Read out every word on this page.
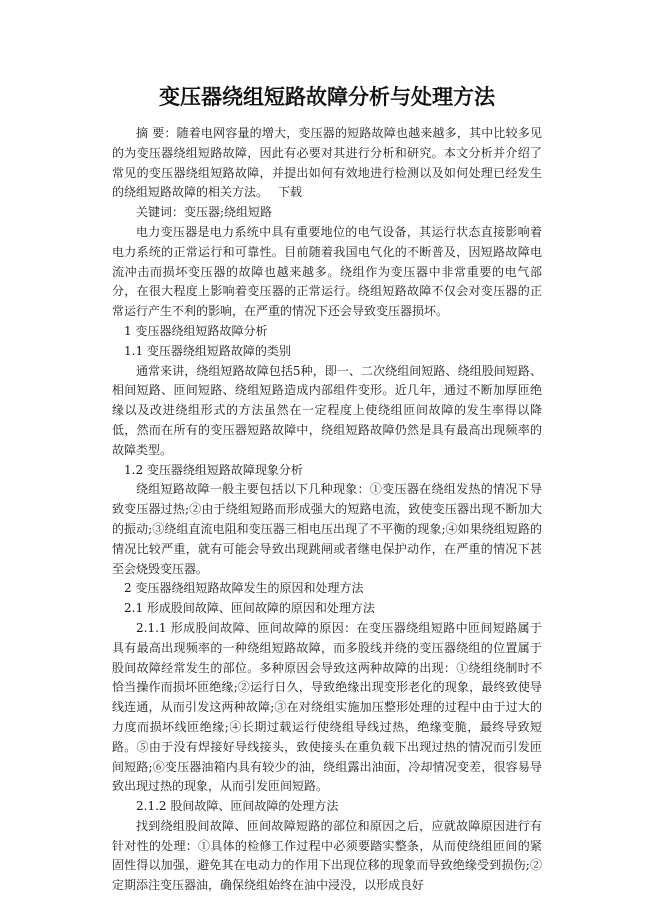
变压器绕组短路故障分析与处理方法

摘 要：随着电网容量的增大，变压器的短路故障也越来越多，其中比较多见的为变压器绕组短路故障，因此有必要对其进行分析和研究。本文分析并介绍了常见的变压器绕组短路故障，并提出如何有效地进行检测以及如何处理已经发生的绕组短路故障的相关方法。 下载

关键词：变压器;绕组短路

电力变压器是电力系统中具有重要地位的电气设备，其运行状态直接影响着电力系统的正常运行和可靠性。目前随着我国电气化的不断普及，因短路故障电流冲击而损坏变压器的故障也越来越多。绕组作为变压器中非常重要的电气部分，在很大程度上影响着变压器的正常运行。绕组短路故障不仅会对变压器的正常运行产生不利的影响，在严重的情况下还会导致变压器损坏。

1 变压器绕组短路故障分析

1.1 变压器绕组短路故障的类别

通常来讲，绕组短路故障包括5种，即一、二次绕组间短路、绕组股间短路、相间短路、匝间短路、绕组短路造成内部组件变形。近几年，通过不断加厚匝绝缘以及改进绕组形式的方法虽然在一定程度上使绕组匝间故障的发生率得以降低，然而在所有的变压器短路故障中，绕组短路故障仍然是具有最高出现频率的故障类型。

1.2 变压器绕组短路故障现象分析

绕组短路故障一般主要包括以下几种现象：①变压器在绕组发热的情况下导致变压器过热;②由于绕组短路而形成强大的短路电流，致使变压器出现不断加大的振动;③绕组直流电阻和变压器三相电压出现了不平衡的现象;④如果绕组短路的情况比较严重，就有可能会导致出现跳闸或者继电保护动作，在严重的情况下甚至会烧毁变压器。

2 变压器绕组短路故障发生的原因和处理方法

2.1 形成股间故障、匝间故障的原因和处理方法

2.1.1 形成股间故障、匝间故障的原因：在变压器绕组短路中匝间短路属于具有最高出现频率的一种绕组短路故障，而多股线并绕的变压器绕组的位置属于股间故障经常发生的部位。多种原因会导致这两种故障的出现：①绕组绕制时不恰当操作而损坏匝绝缘;②运行日久，导致绝缘出现变形老化的现象，最终致使导线连通，从而引发这两种故障;③在对绕组实施加压整形处理的过程中由于过大的力度而损坏线匝绝缘;④长期过载运行使绕组导线过热，绝缘变脆，最终导致短路。⑤由于没有焊接好导线接头，致使接头在重负载下出现过热的情况而引发匝间短路;⑥变压器油箱内具有较少的油，绕组露出油面，冷却情况变差，很容易导致出现过热的现象，从而引发匝间短路。

2.1.2 股间故障、匝间故障的处理方法

找到绕组股间故障、匝间故障短路的部位和原因之后，应就故障原因进行有针对性的处理：①具体的检修工作过程中必须要踏实整条，从而使绕组匝间的紧固性得以加强，避免其在电动力的作用下出现位移的现象而导致绝缘受到损伤;②定期添注变压器油，确保绕组始终在油中浸没，以形成良好
